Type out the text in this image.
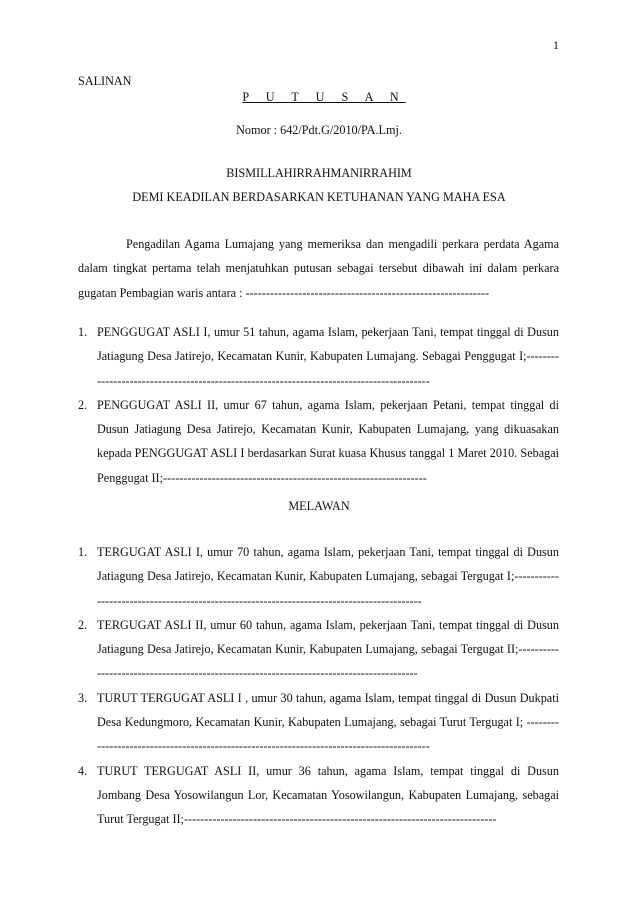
1
SALINAN
P U T U S A N
Nomor : 642/Pdt.G/2010/PA.Lmj.
BISMILLAHIRRAHMANIRRAHIM
DEMI KEADILAN BERDASARKAN KETUHANAN YANG MAHA ESA

Pengadilan Agama Lumajang yang memeriksa dan mengadili perkara perdata Agama dalam tingkat pertama telah menjatuhkan putusan sebagai tersebut dibawah ini dalam perkara gugatan Pembagian waris antara : ------------------------------------------------------------

1. PENGGUGAT ASLI I, umur 51 tahun, agama Islam, pekerjaan Tani, tempat tinggal di Dusun Jatiagung Desa Jatirejo, Kecamatan Kunir, Kabupaten Lumajang. Sebagai Penggugat I;------------------------------------------------------------------------------------------
2. PENGGUGAT ASLI II, umur 67 tahun, agama Islam, pekerjaan Petani, tempat tinggal di Dusun Jatiagung Desa Jatirejo, Kecamatan Kunir, Kabupaten Lumajang, yang dikuasakan kepada PENGGUGAT ASLI I berdasarkan Surat kuasa Khusus tanggal 1 Maret 2010. Sebagai Penggugat II;-----------------------------------------------------------------
MELAWAN
1. TERGUGAT ASLI I, umur 70 tahun, agama Islam, pekerjaan Tani, tempat tinggal di Dusun Jatiagung Desa Jatirejo, Kecamatan Kunir, Kabupaten Lumajang, sebagai Tergugat I;-------------------------------------------------------------------------------------------
2. TERGUGAT ASLI II, umur 60 tahun, agama Islam, pekerjaan Tani, tempat tinggal di Dusun Jatiagung Desa Jatirejo, Kecamatan Kunir, Kabupaten Lumajang, sebagai Tergugat II;-----------------------------------------------------------------------------------------
3. TURUT TERGUGAT ASLI I , umur 30 tahun, agama Islam, tempat tinggal di Dusun Dukpati Desa Kedungmoro, Kecamatan Kunir, Kabupaten Lumajang, sebagai Turut Tergugat I; ------------------------------------------------------------------------------------------
4. TURUT TERGUGAT ASLI II, umur 36 tahun, agama Islam, tempat tinggal di Dusun Jombang Desa Yosowilangun Lor, Kecamatan Yosowilangun, Kabupaten Lumajang, sebagai Turut Tergugat II;-----------------------------------------------------------------------------
